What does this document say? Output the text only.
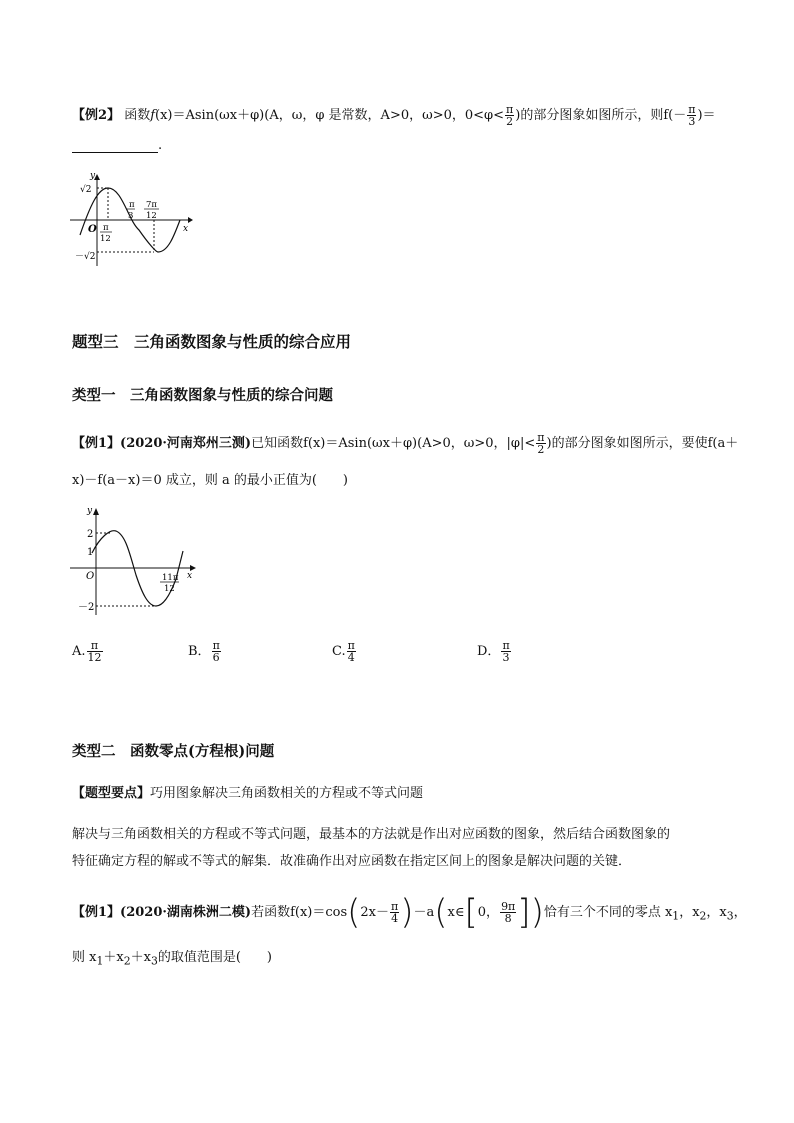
【例2】 函数f(x)＝Asin(ωx＋φ)(A，ω，φ 是常数，A>0，ω>0，$0<\varphi< \frac{\pi}{2}$ )的部分图象如图所示，则$f(- \frac{\pi}{3}$ )＝
.
y
x
O
√2
－√2
π
12
π
3
7π
12
题型三　三角函数图象与性质的综合应用
类型一　三角函数图象与性质的综合问题
【例1】(2020·河南郑州三测)已知函数f(x)＝Asin(ωx＋φ)(A>0，ω>0，$|\varphi|< \frac{\pi}{2}$ )的部分图象如图所示，要使f(a＋
x)－f(a－x)＝0 成立，则 a 的最小正值为(　　)
y
x
O
2
1
－2
11π
12
A. $\frac{\pi}{12}$	B． $\frac{\pi}{6}$	C. $\frac{\pi}{4}$	D． $\frac{\pi}{3}$
类型二　函数零点(方程根)问题
【题型要点】巧用图象解决三角函数相关的方程或不等式问题
解决与三角函数相关的方程或不等式问题，最基本的方法就是作出对应函数的图象，然后结合函数图象的
特征确定方程的解或不等式的解集．故准确作出对应函数在指定区间上的图象是解决问题的关键．
【例1】(2020·湖南株洲二模)若函数$f(x)=\cos(2x- \frac{\pi}{4}$ )－a(x∈[0， $\frac{9\pi}{8}$ ])恰有三个不同的零点 $x_1$，$x_2$，$x_3$，
则 $x_1+x_2+x_3$的取值范围是(　　)
